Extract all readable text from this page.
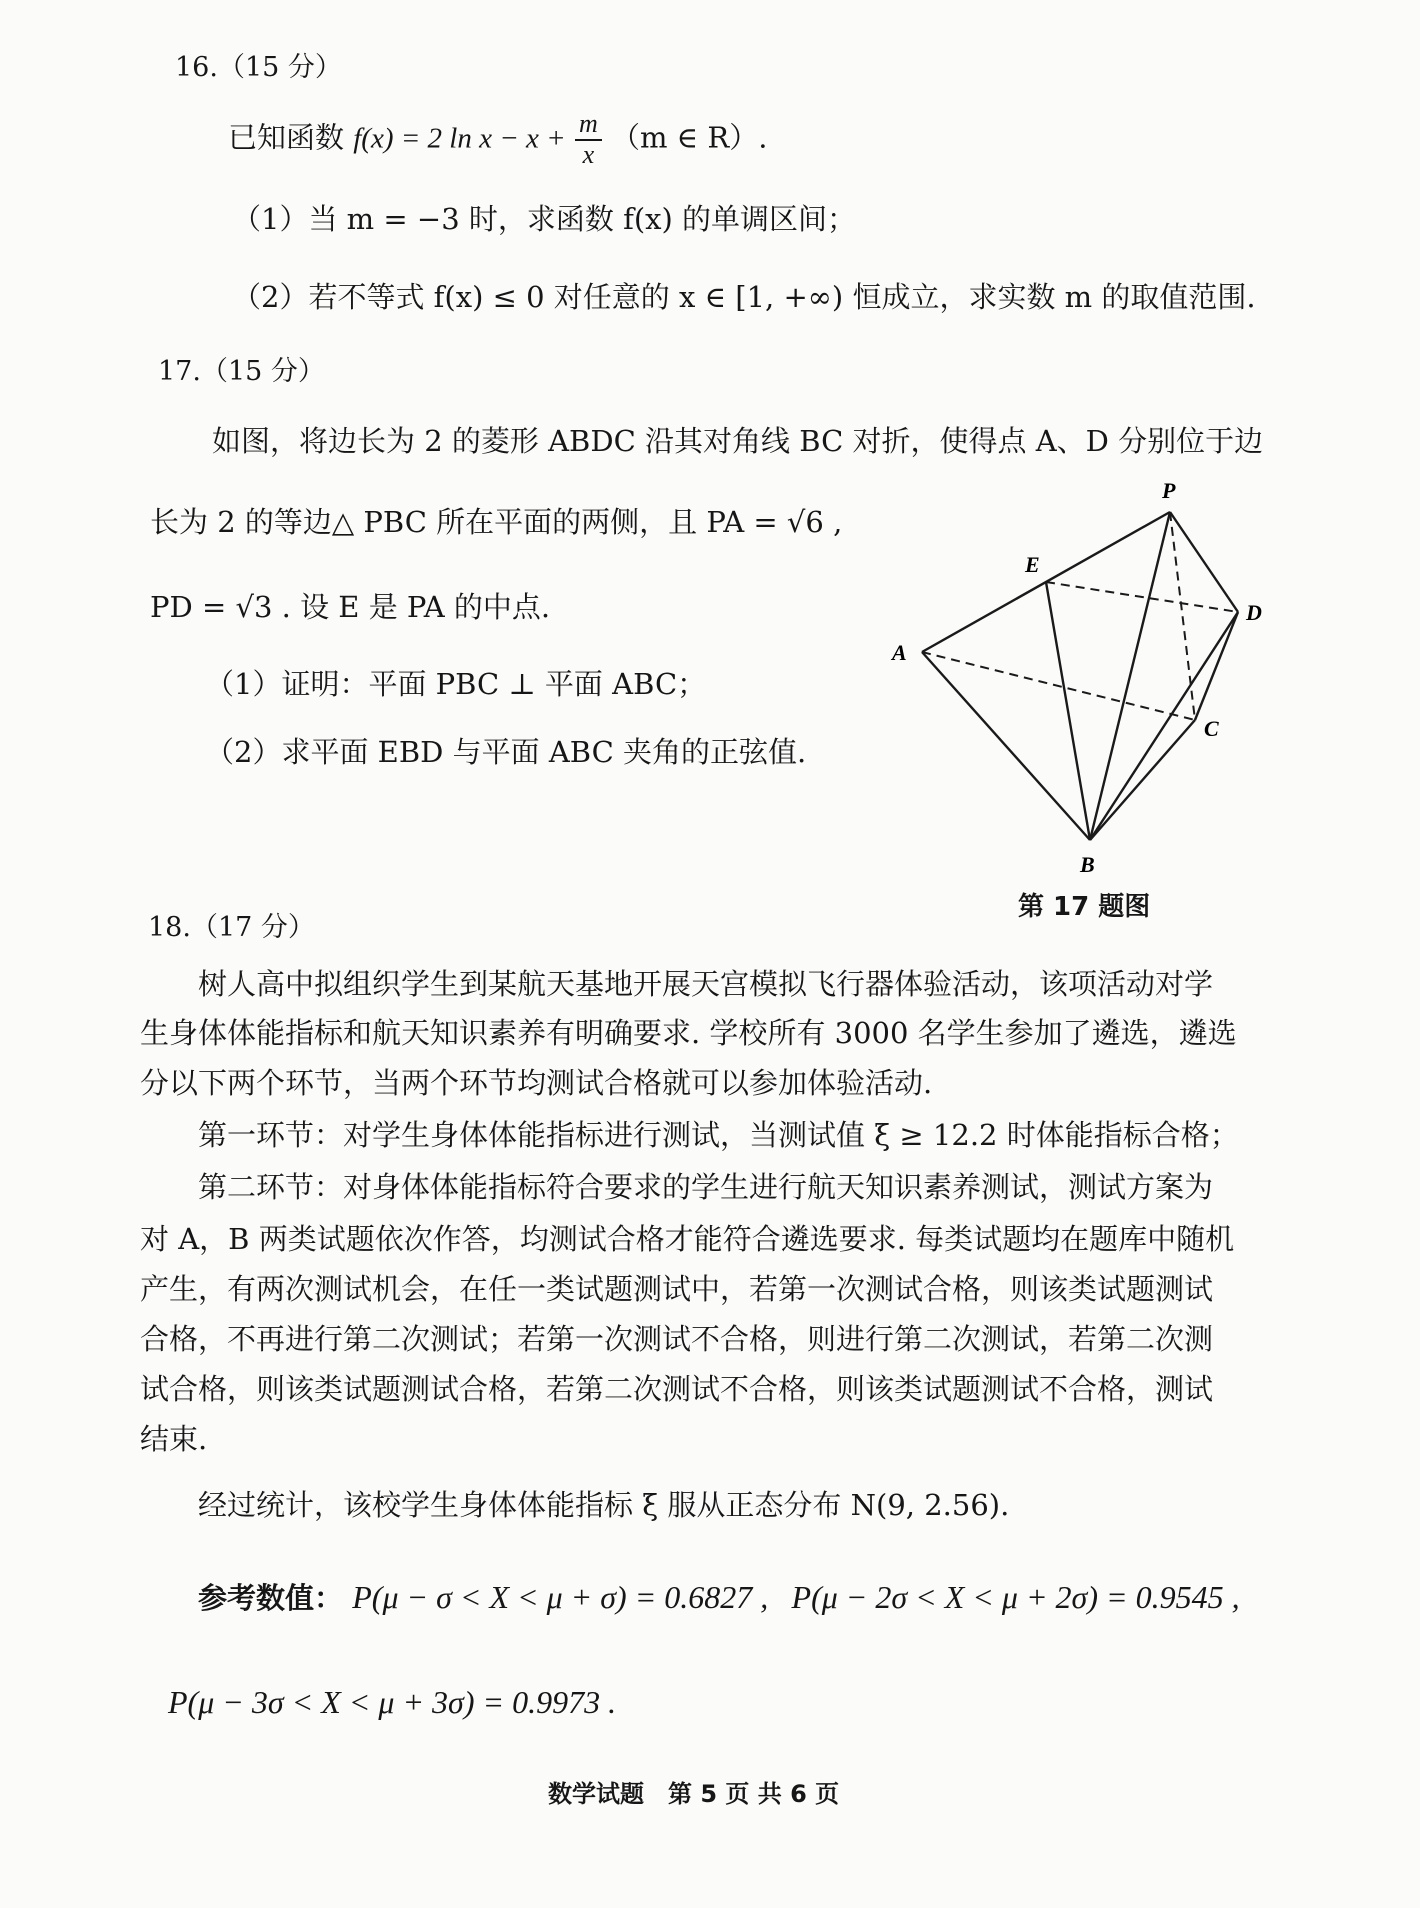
16.（15 分）
已知函数 f(x) = 2 $\ln x - x + \frac{m}{x} (m$ ∈ R）.
（1）当 m = −3 时，求函数 f(x) 的单调区间；
（2）若不等式 f(x) ≤ 0 对任意的 x ∈ [1, +∞) 恒成立，求实数 m 的取值范围.
17.（15 分）
如图，将边长为 2 的菱形 ABDC 沿其对角线 BC 对折，使得点 A、D 分别位于边
长为 2 的等边△ PBC 所在平面的两侧，且 PA = √6 ,
PD = √3 . 设 E 是 PA 的中点.
（1）证明：平面 PBC ⊥ 平面 ABC；
（2）求平面 EBD 与平面 ABC 夹角的正弦值.
P
E
D
A
C
B
第 17 题图
18.（17 分）
树人高中拟组织学生到某航天基地开展天宫模拟飞行器体验活动，该项活动对学
生身体体能指标和航天知识素养有明确要求. 学校所有 3000 名学生参加了遴选，遴选
分以下两个环节，当两个环节均测试合格就可以参加体验活动.
第一环节：对学生身体体能指标进行测试，当测试值 ξ ≥ 12.2 时体能指标合格；
第二环节：对身体体能指标符合要求的学生进行航天知识素养测试，测试方案为
对 A，B 两类试题依次作答，均测试合格才能符合遴选要求. 每类试题均在题库中随机
产生，有两次测试机会，在任一类试题测试中，若第一次测试合格，则该类试题测试
合格，不再进行第二次测试；若第一次测试不合格，则进行第二次测试，若第二次测
试合格，则该类试题测试合格，若第二次测试不合格，则该类试题测试不合格，测试
结束.
经过统计，该校学生身体体能指标 ξ 服从正态分布 N(9, 2.56).
参考数值： P(μ − σ < X < μ + σ) = 0.6827 , P(μ − 2σ < X < μ + 2σ) = 0.9545 ,
P(μ − 3σ < X < μ + 3σ) = 0.9973 .
数学试题　第 5 页 共 6 页
